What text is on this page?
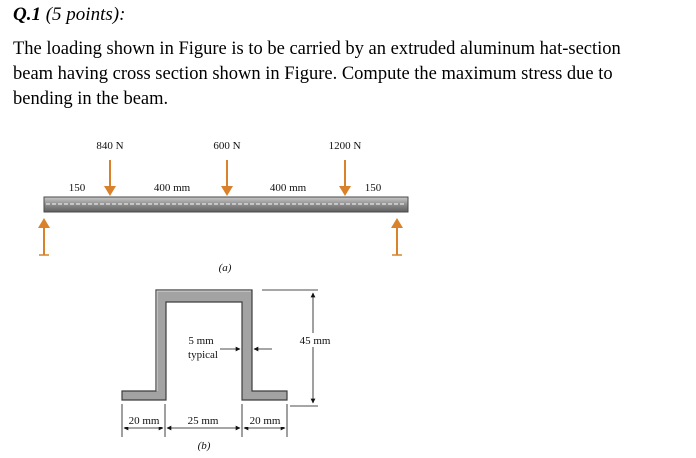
Q.1 (5 points):
The loading shown in Figure is to be carried by an extruded aluminum hat-section
beam having cross section shown in Figure. Compute the maximum stress due to
bending in the beam.
840 N	600 N	1200 N
150	400 mm	400 mm	150
(a)
45 mm
5 mm
typical
20 mm	25 mm	20 mm
(b)
